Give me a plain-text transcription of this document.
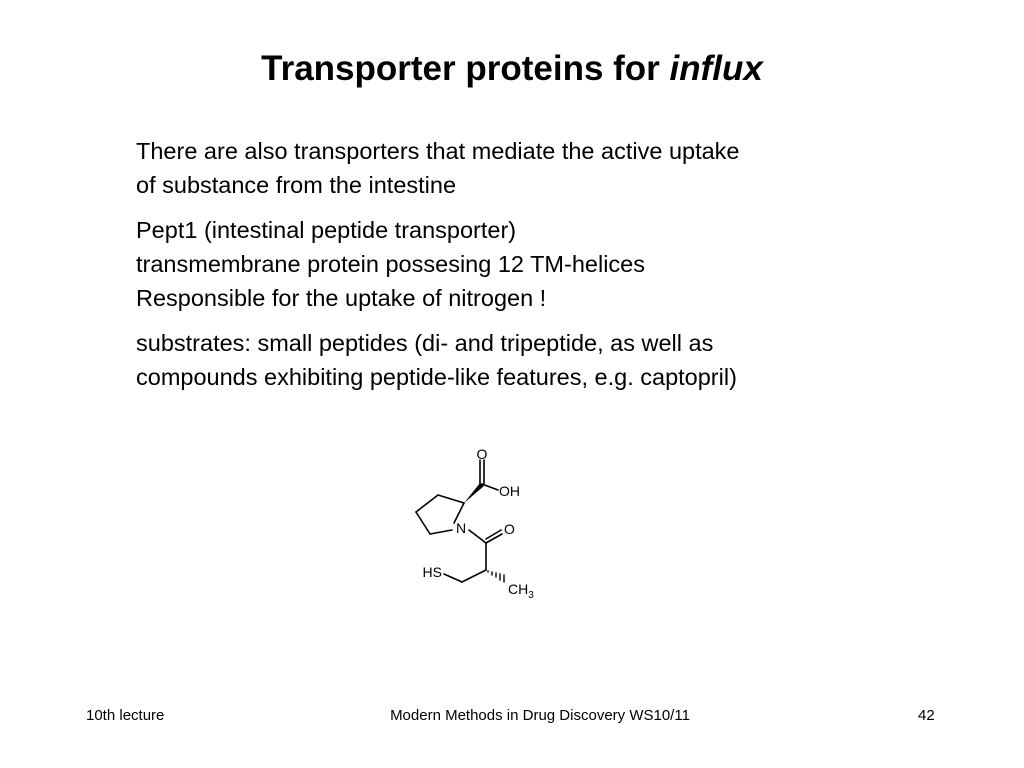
Transporter proteins for influx

There are also transporters that mediate the active uptake
of substance from the intestine

Pept1 (intestinal peptide transporter)
transmembrane protein possesing 12 TM-helices
Responsible for the uptake of nitrogen !

substrates: small peptides (di- and tripeptide, as well as
compounds exhibiting peptide-like features, e.g. captopril)

O
OH
N	O
HS
$CH_3$
10th lecture	Modern Methods in Drug Discovery WS10/11	42
